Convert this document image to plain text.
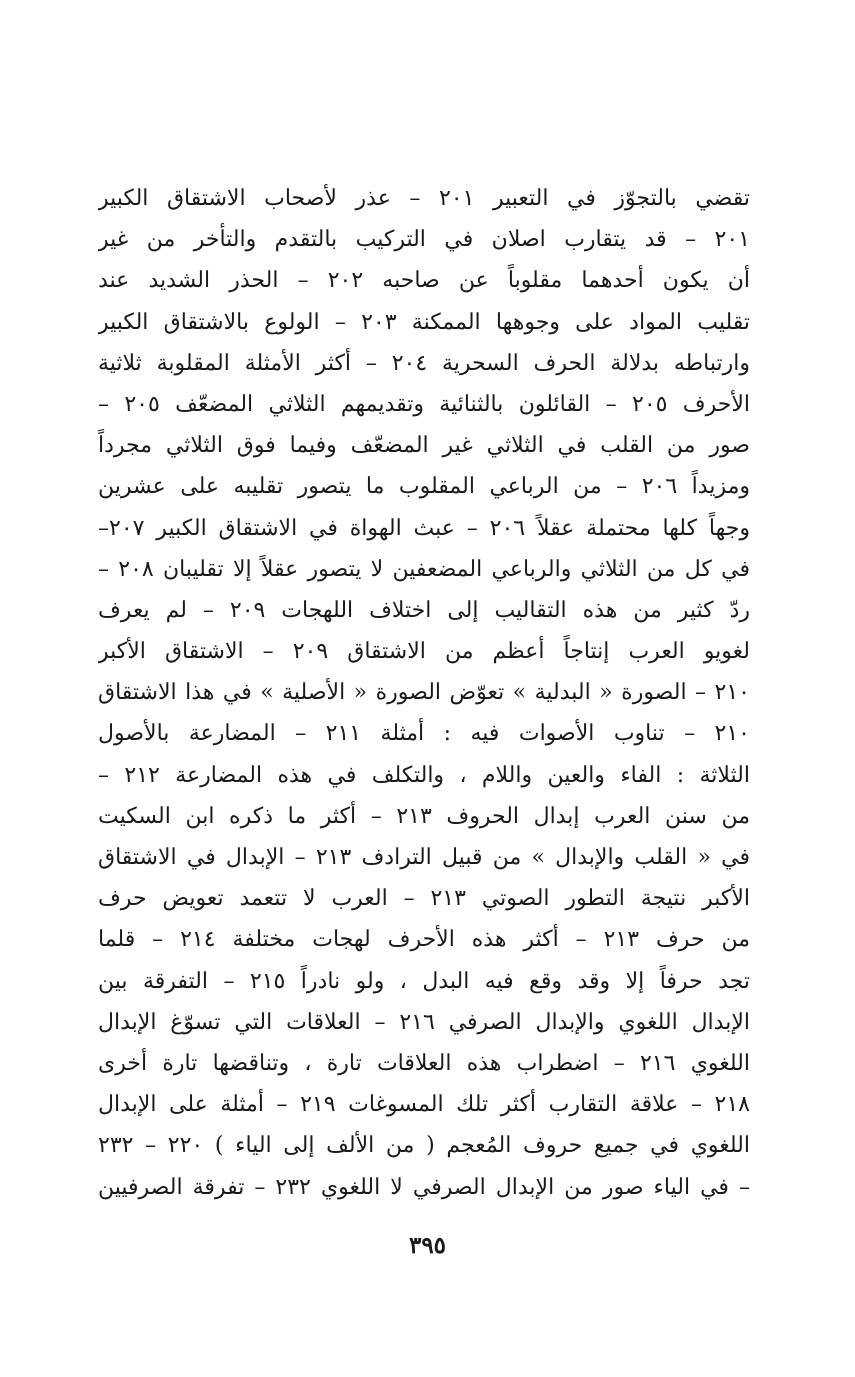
تقضي بالتجوّز في التعبير ٢٠١ – عذر لأصحاب الاشتقاق الكبير
٢٠١ – قد يتقارب اصلان في التركيب بالتقدم والتأخر من غير
أن يكون أحدهما مقلوباً عن صاحبه ٢٠٢ – الحذر الشديد عند
تقليب المواد على وجوهها الممكنة ٢٠٣ – الولوع بالاشتقاق الكبير
وارتباطه بدلالة الحرف السحرية ٢٠٤ – أكثر الأمثلة المقلوبة ثلاثية
الأحرف ٢٠٥ – القائلون بالثنائية وتقديمهم الثلاثي المضعّف ٢٠٥ –
صور من القلب في الثلاثي غير المضعّف وفيما فوق الثلاثي مجرداً
ومزيداً ٢٠٦ – من الرباعي المقلوب ما يتصور تقليبه على عشرين
وجهاً كلها محتملة عقلاً ٢٠٦ – عبث الهواة في الاشتقاق الكبير ٢٠٧–
في كل من الثلاثي والرباعي المضعفين لا يتصور عقلاً إلا تقليبان ٢٠٨ –
ردّ كثير من هذه التقاليب إلى اختلاف اللهجات ٢٠٩ – لم يعرف
لغويو العرب إنتاجاً أعظم من الاشتقاق ٢٠٩ – الاشتقاق الأكبر
٢١٠ – الصورة « البدلية » تعوّض الصورة « الأصلية » في هذا الاشتقاق
٢١٠ – تناوب الأصوات فيه : أمثلة ٢١١ – المضارعة بالأصول
الثلاثة : الفاء والعين واللام ، والتكلف في هذه المضارعة ٢١٢ –
من سنن العرب إبدال الحروف ٢١٣ – أكثر ما ذكره ابن السكيت
في « القلب والإبدال » من قبيل الترادف ٢١٣ – الإبدال في الاشتقاق
الأكبر نتيجة التطور الصوتي ٢١٣ – العرب لا تتعمد تعويض حرف
من حرف ٢١٣ – أكثر هذه الأحرف لهجات مختلفة ٢١٤ – قلما
تجد حرفاً إلا وقد وقع فيه البدل ، ولو نادراً ٢١٥ – التفرقة بين
الإبدال اللغوي والإبدال الصرفي ٢١٦ – العلاقات التي تسوّغ الإبدال
اللغوي ٢١٦ – اضطراب هذه العلاقات تارة ، وتناقضها تارة أخرى
٢١٨ – علاقة التقارب أكثر تلك المسوغات ٢١٩ – أمثلة على الإبدال
اللغوي في جميع حروف المُعجم ( من الألف إلى الياء ) ٢٢٠ – ٢٣٢
– في الياء صور من الإبدال الصرفي لا اللغوي ٢٣٢ – تفرقة الصرفيين
٣٩٥
